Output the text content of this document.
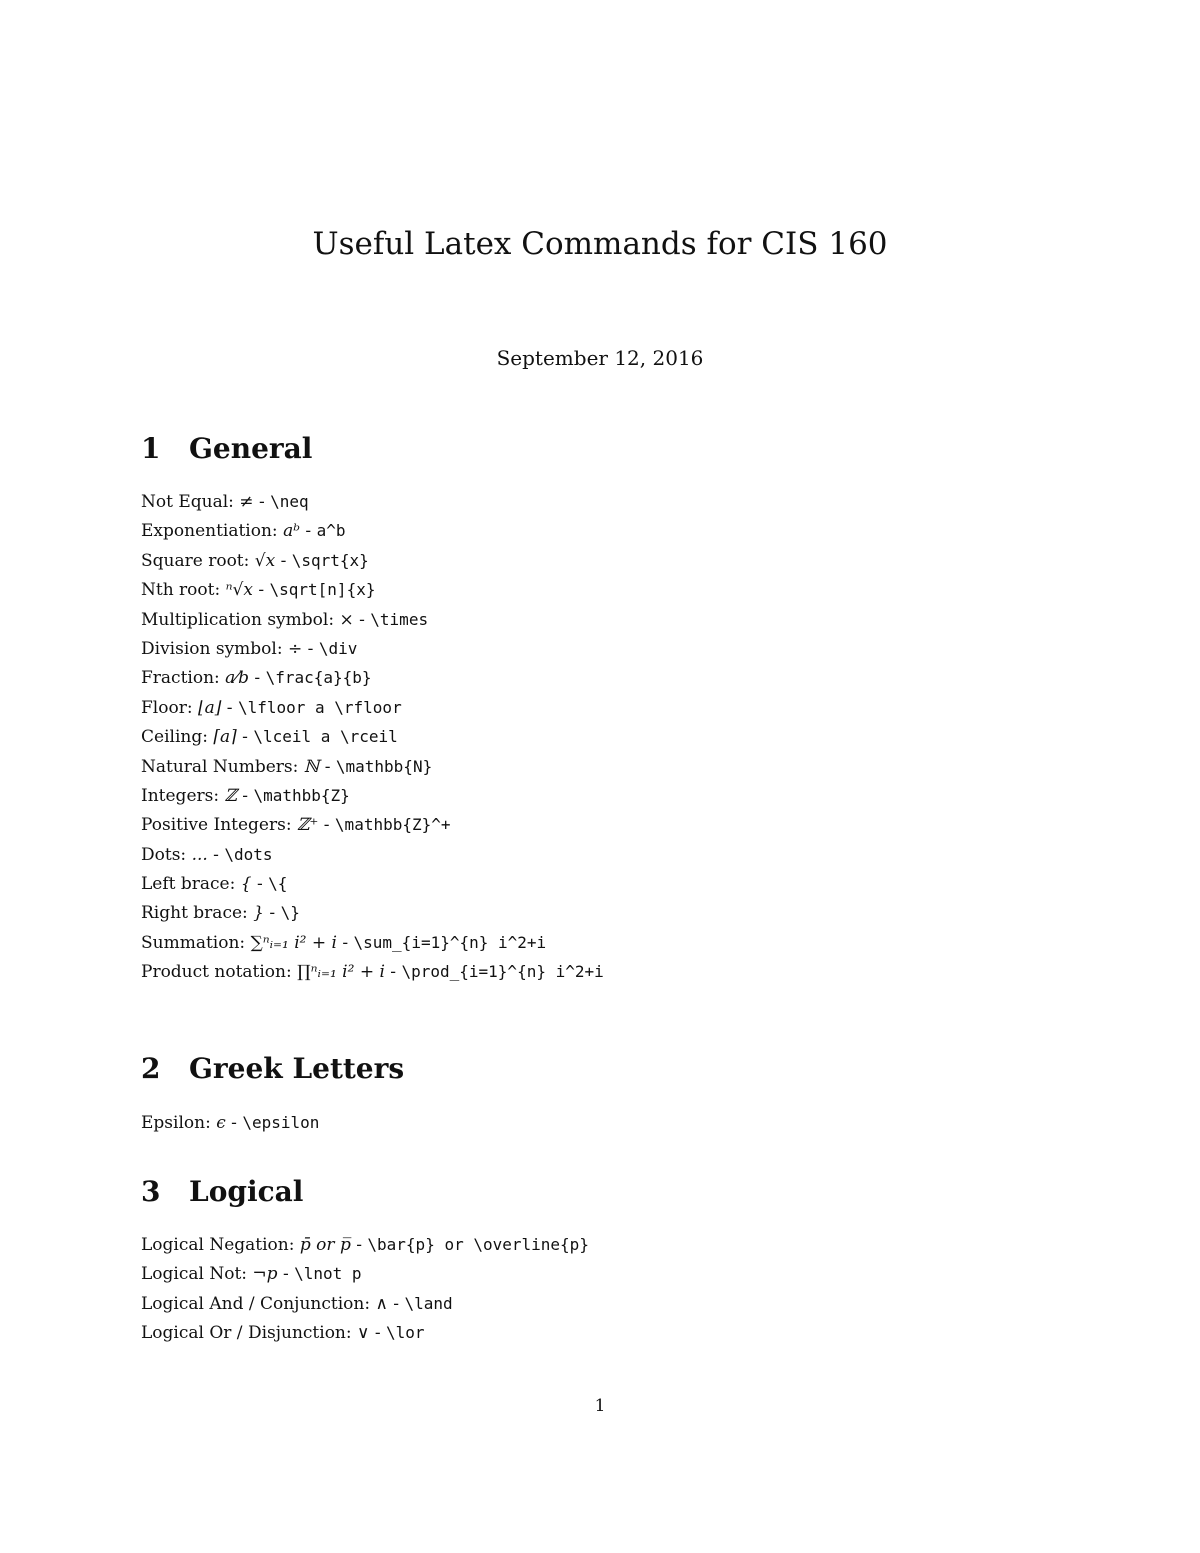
Useful Latex Commands for CIS 160
September 12, 2016
1	General
Not Equal: ≠ - \neq
Exponentiation: aᵇ - a^b
Square root: √x - \sqrt{x}
Nth root: ⁿ√x - \sqrt[n]{x}
Multiplication symbol: × - \times
Division symbol: ÷ - \div
Fraction: a⁄b - \frac{a}{b}
Floor: ⌊a⌋ - \lfloor a \rfloor
Ceiling: ⌈a⌉ - \lceil a \rceil
Natural Numbers: ℕ - \mathbb{N}
Integers: ℤ - \mathbb{Z}
Positive Integers: ℤ⁺ - \mathbb{Z}^+
Dots: ... - \dots
Left brace: { - \{
Right brace: } - \}
Summation: ∑ⁿᵢ₌₁ i² + i - \sum_{i=1}^{n} i^2+i
Product notation: ∏ⁿᵢ₌₁ i² + i - \prod_{i=1}^{n} i^2+i
2	Greek Letters
Epsilon: ϵ - \epsilon
3	Logical
Logical Negation: p̄ or p̅ - \bar{p} or \overline{p}
Logical Not: ¬p - \lnot p
Logical And / Conjunction: ∧ - \land
Logical Or / Disjunction: ∨ - \lor
1
